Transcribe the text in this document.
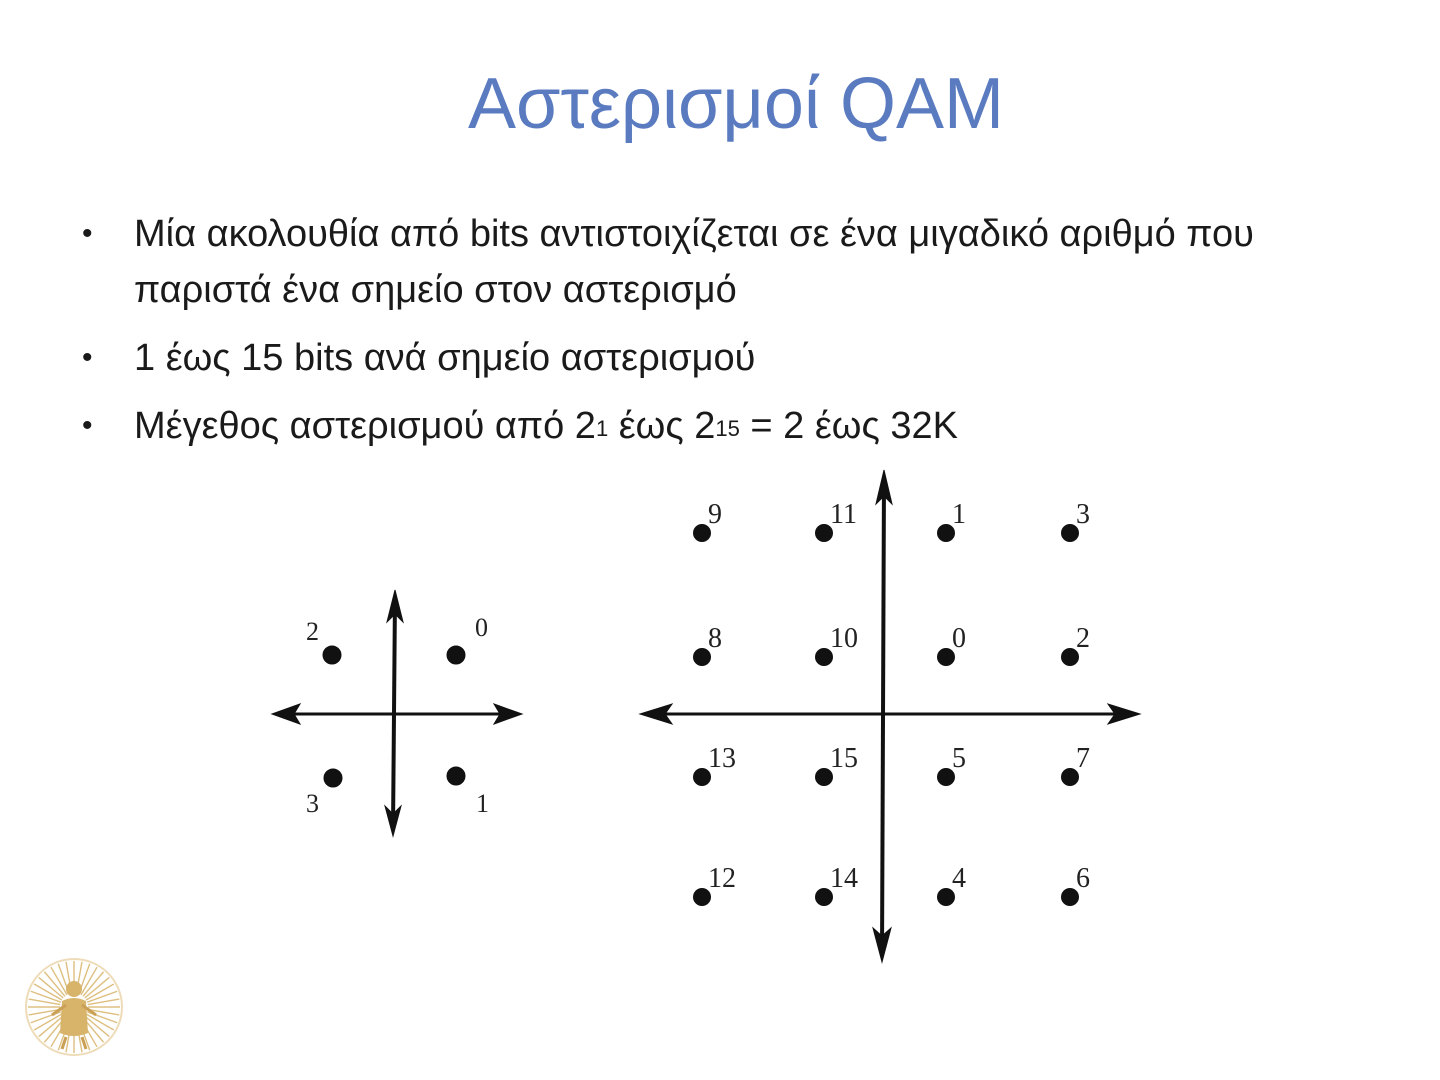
Αστερισμοί QAM
• Μία ακολουθία από bits αντιστοιχίζεται σε ένα μιγαδικό αριθμό που παριστά ένα σημείο στον αστερισμό
• 1 έως 15 bits ανά σημείο αστερισμού
• Μέγεθος αστερισμού από 21 έως 215 = 2 έως 32K
2	0
3	1
9	11	1	3
8	10	0	2
13	15	5	7
12	14	4	6
